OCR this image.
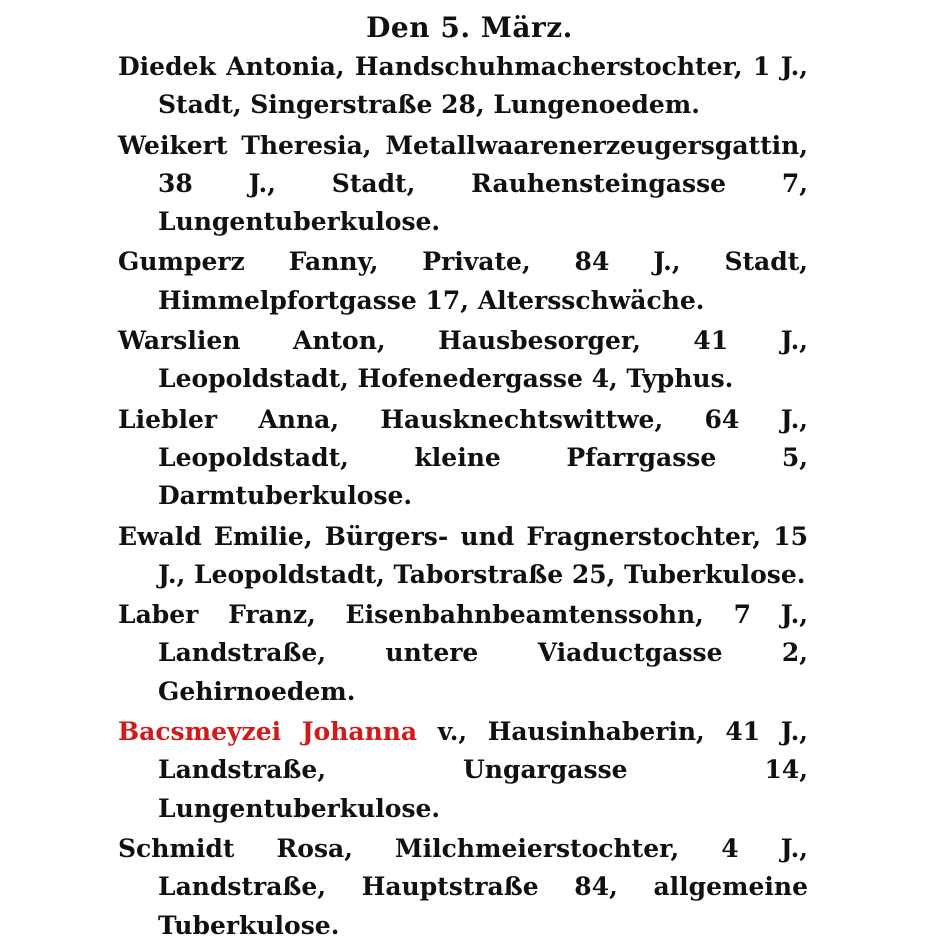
Den 5. März.

Diedek Antonia, Handschuhmacherstochter, 1 J., Stadt, Singerstraße 28, Lungenoedem.

Weikert Theresia, Metallwaarenerzeugersgattin, 38 J., Stadt, Rauhensteingasse 7, Lungentuberkulose.

Gumperz Fanny, Private, 84 J., Stadt, Himmelpfortgasse 17, Altersschwäche.

Warslien Anton, Hausbesorger, 41 J., Leopoldstadt, Hofenedergasse 4, Typhus.

Liebler Anna, Hausknechtswittwe, 64 J., Leopoldstadt, kleine Pfarrgasse 5, Darmtuberkulose.

Ewald Emilie, Bürgers- und Fragnerstochter, 15 J., Leopoldstadt, Taborstraße 25, Tuberkulose.

Laber Franz, Eisenbahnbeamtenssohn, 7 J., Landstraße, untere Viaductgasse 2, Gehirnoedem.

Bacsmeyzei Johanna v., Hausinhaberin, 41 J., Landstraße, Ungargasse 14, Lungentuberkulose.

Schmidt Rosa, Milchmeierstochter, 4 J., Landstraße, Hauptstraße 84, allgemeine Tuberkulose.
